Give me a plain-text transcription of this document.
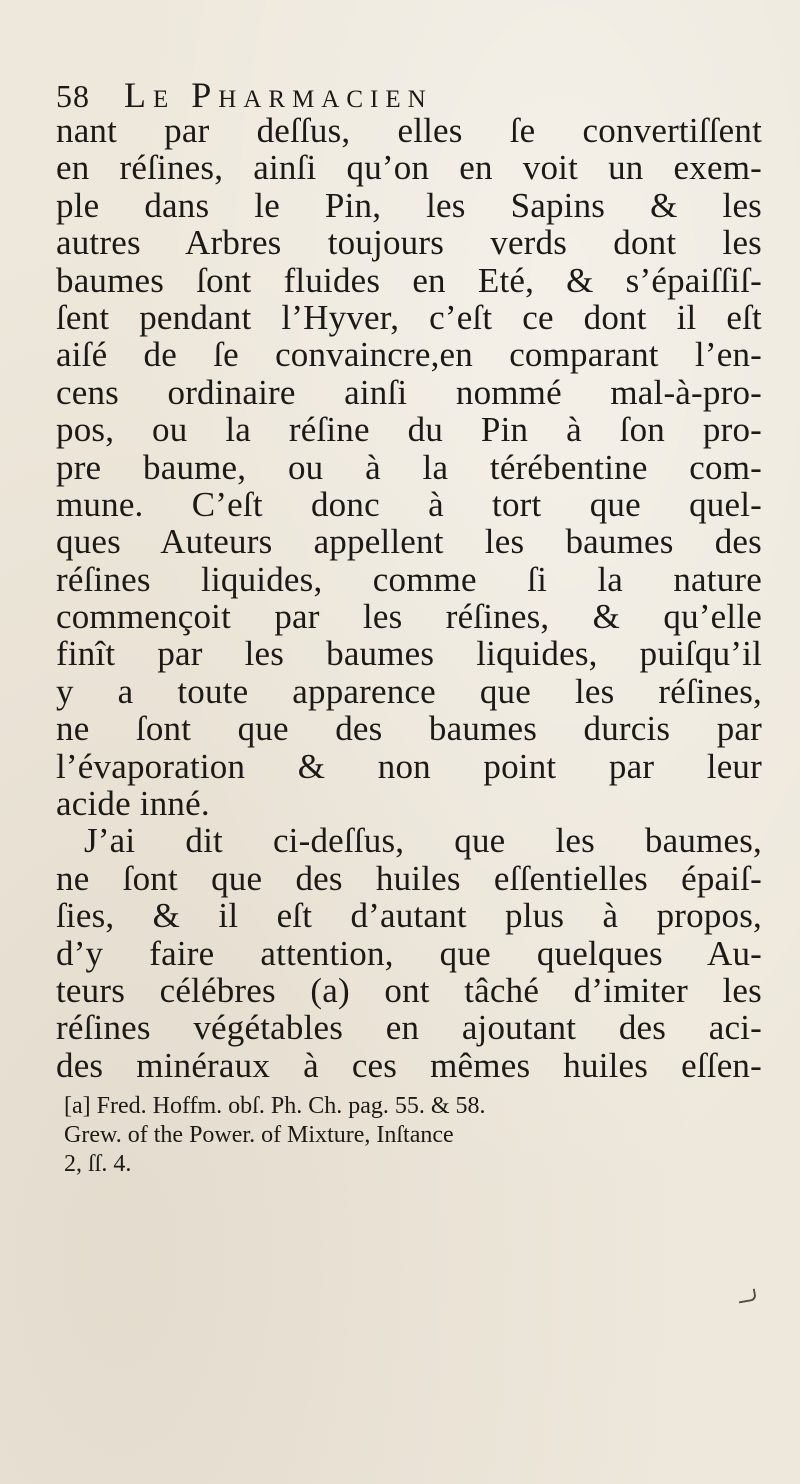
58 Le Pharmacien
nant par deſſus, elles ſe convertiſſent
en réſines, ainſi qu’on en voit un exem-
ple dans le Pin, les Sapins & les
autres Arbres toujours verds dont les
baumes ſont fluides en Eté, & s’épaiſſiſ-
ſent pendant l’Hyver, c’eſt ce dont il eſt
aiſé de ſe convaincre,en comparant l’en-
cens ordinaire ainſi nommé mal-à-pro-
pos, ou la réſine du Pin à ſon pro-
pre baume, ou à la térébentine com-
mune. C’eſt donc à tort que quel-
ques Auteurs appellent les baumes des
réſines liquides, comme ſi la nature
commençoit par les réſines, & qu’elle
finît par les baumes liquides, puiſqu’il
y a toute apparence que les réſines,
ne ſont que des baumes durcis par
l’évaporation & non point par leur
acide inné.
J’ai dit ci-deſſus, que les baumes,
ne ſont que des huiles eſſentielles épaiſ-
ſies, & il eſt d’autant plus à propos,
d’y faire attention, que quelques Au-
teurs célébres (a) ont tâché d’imiter les
réſines végétables en ajoutant des aci-
des minéraux à ces mêmes huiles eſſen-
[a] Fred. Hoffm. obſ. Ph. Ch. pag. 55. & 58.
Grew. of the Power. of Mixture, Inſtance
2, ſſ. 4.
